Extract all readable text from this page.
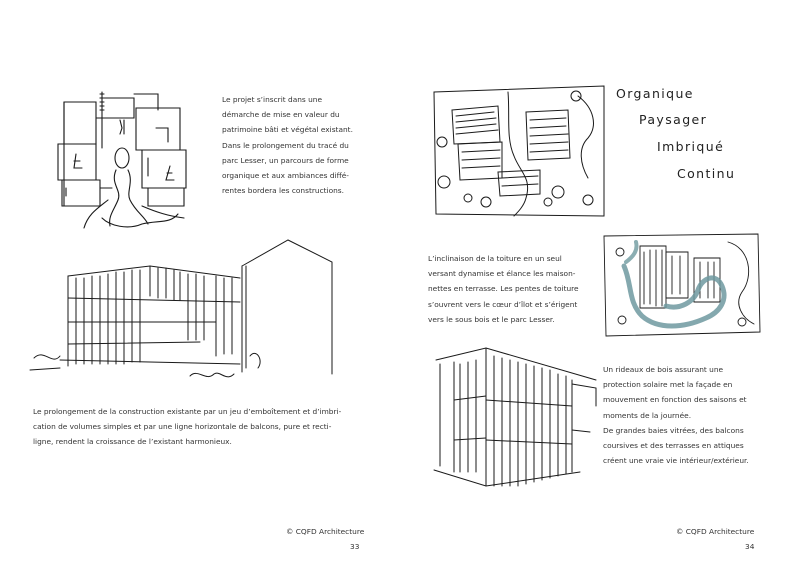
Le projet s’inscrit dans une

démarche de mise en valeur du

patrimoine bâti et végétal existant.

Dans le prolongement du tracé du

parc Lesser, un parcours de forme

organique et aux ambiances diffé-

rentes bordera les constructions.

Le prolongement de la construction existante par un jeu d’emboîtement et d’imbri-

cation de volumes simples et par une ligne horizontale de balcons, pure et recti-

ligne, rendent la croissance de l’existant harmonieux.

© CQFD Architecture
33
Organique
Paysager
Imbriqué
Continu

L’inclinaison de la toiture en un seul

versant dynamise et élance les maison-

nettes en terrasse. Les pentes de toiture

s’ouvrent vers le cœur d’îlot et s’érigent

vers le sous bois et le parc Lesser.

Un rideaux de bois assurant une

protection solaire met la façade en

mouvement en fonction des saisons et

moments de la journée.

De grandes baies vitrées, des balcons

coursives et des terrasses en attiques

créent une vraie vie intérieur/extérieur.

© CQFD Architecture
34
